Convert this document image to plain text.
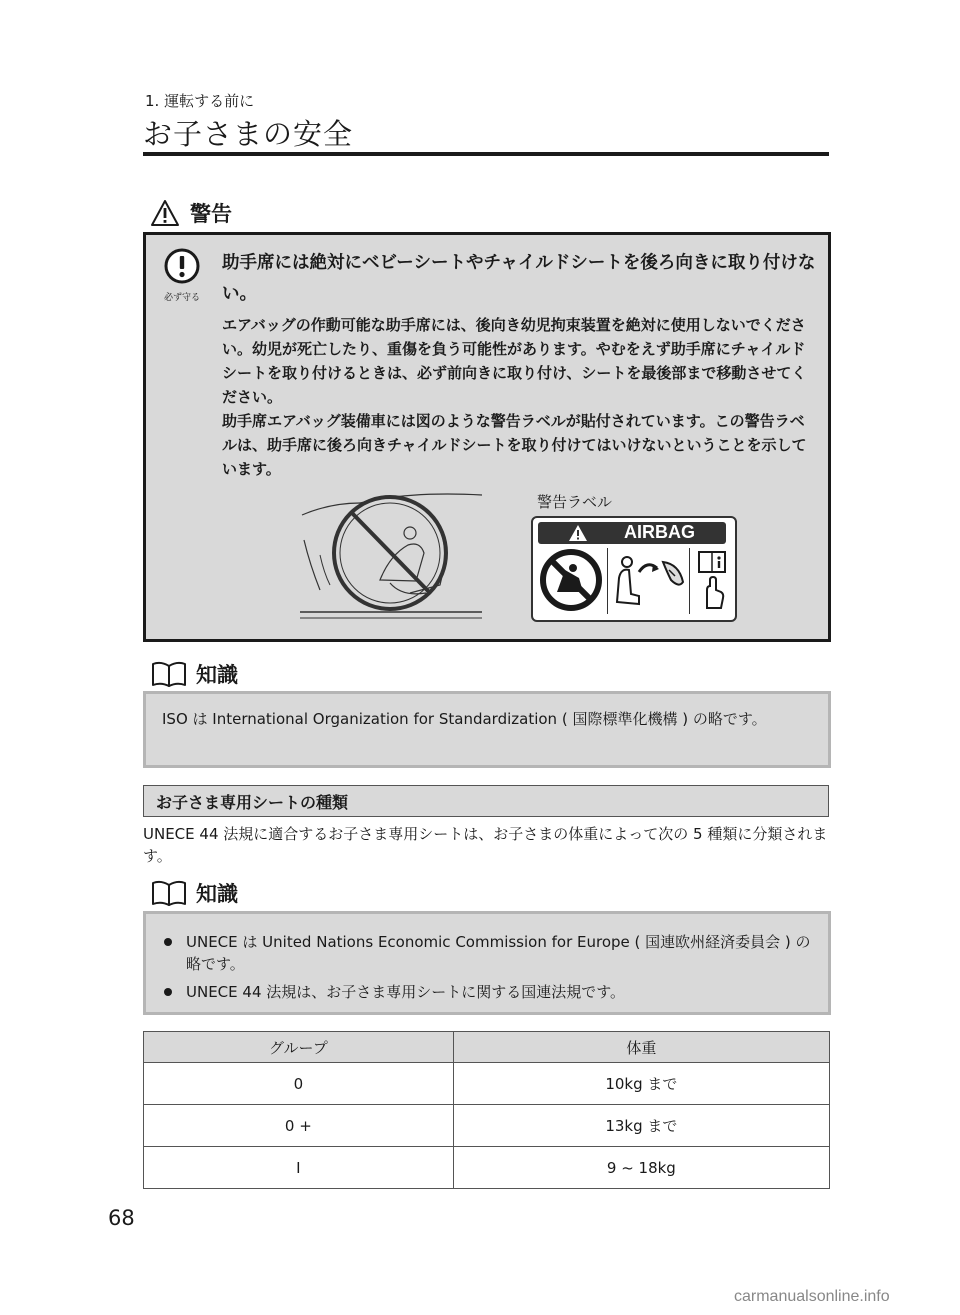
1. 運転する前に
お子さまの安全
警告
必ず守る
助手席には絶対にベビーシートやチャイルドシートを後ろ向きに取り付けない。

エアバッグの作動可能な助手席には、後向き幼児拘束装置を絶対に使用しないでください。幼児が死亡したり、重傷を負う可能性があります。やむをえず助手席にチャイルドシートを取り付けるときは、必ず前向きに取り付け、シートを最後部まで移動させてください。

助手席エアバッグ装備車には図のような警告ラベルが貼付されています。この警告ラベルは、助手席に後ろ向きチャイルドシートを取り付けてはいけないということを示しています。

警告ラベル
AIRBAG
知識
ISO は International Organization for Standardization ( 国際標準化機構 ) の略です。
お子さま専用シートの種類
UNECE 44 法規に適合するお子さま専用シートは、お子さまの体重によって次の 5 種類に分類されます。
知識
UNECE は United Nations Economic Commission for Europe ( 国連欧州経済委員会 ) の略です。
UNECE 44 法規は、お子さま専用シートに関する国連法規です。
グループ	体重
0	10kg まで
0 +	13kg まで
I	9 ~ 18kg
68
carmanualsonline.info
